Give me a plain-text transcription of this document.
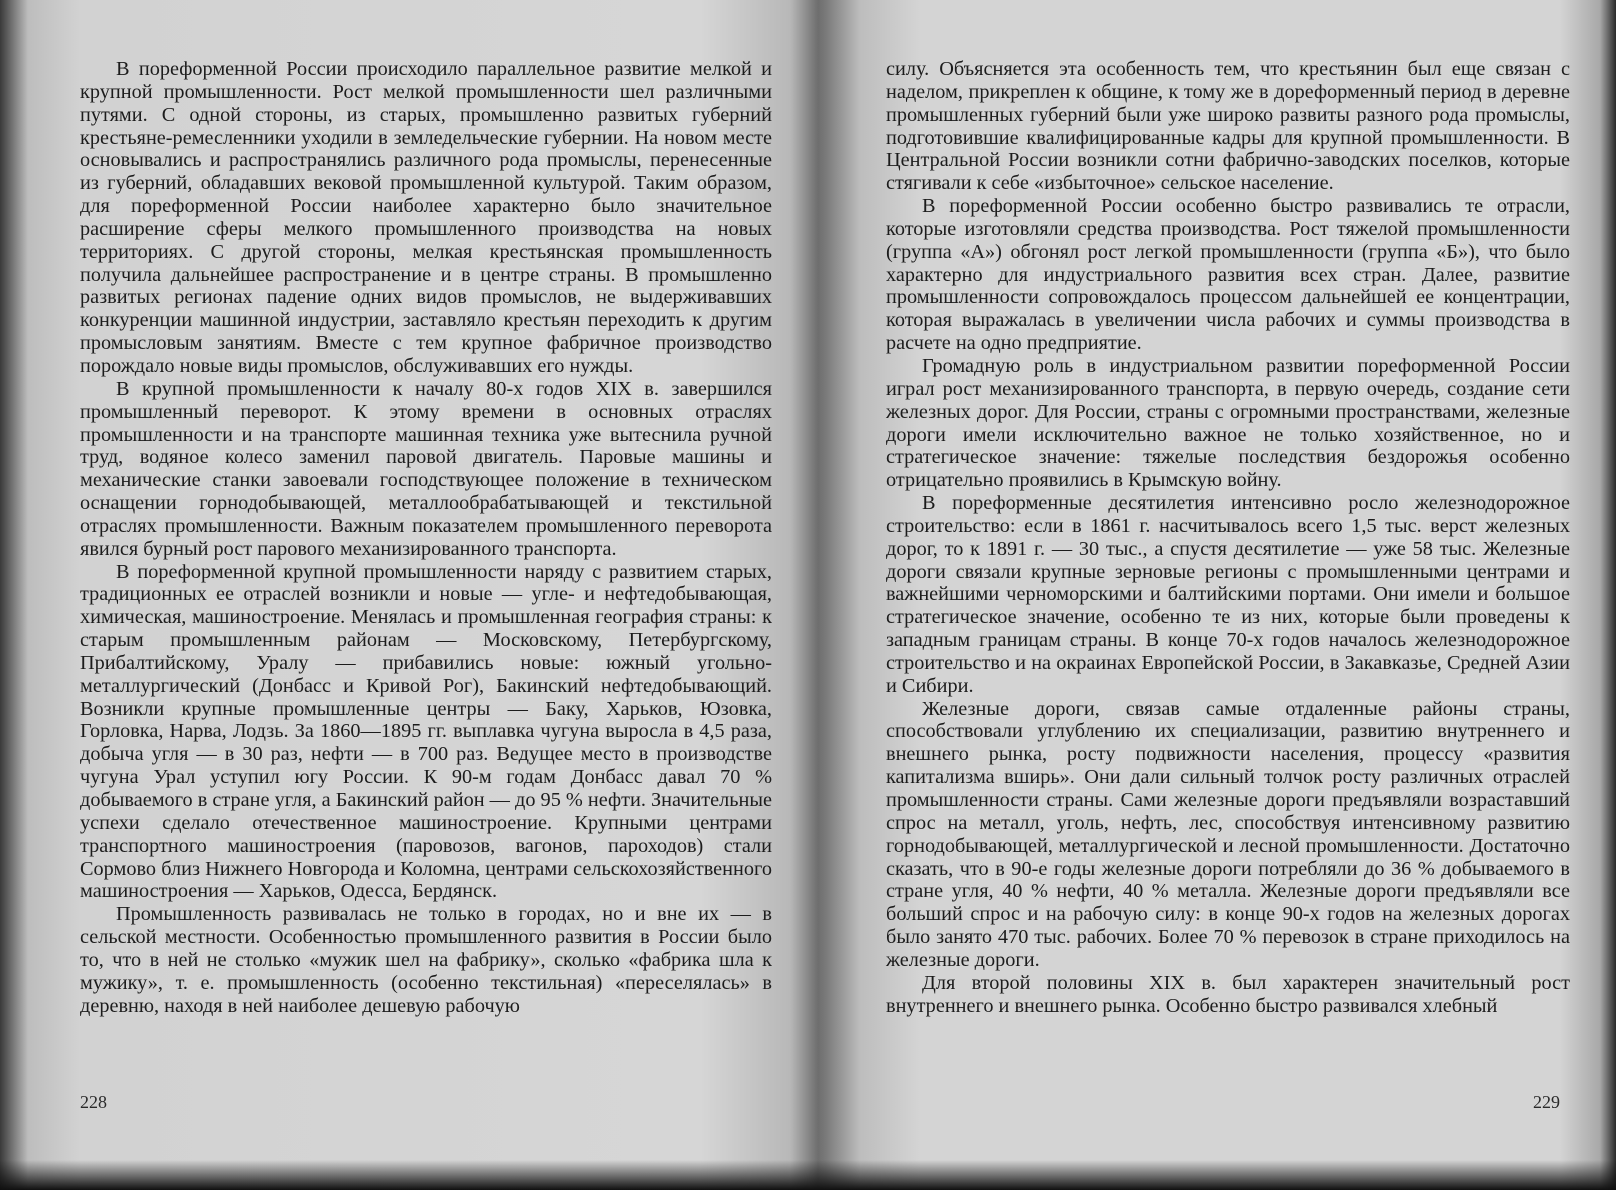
В пореформенной России происходило параллельное развитие мелкой и крупной промышленности. Рост мелкой промышленности шел различными путями. С одной стороны, из старых, промышленно развитых губерний крестьяне-ремесленники уходили в земледельческие губернии. На новом месте основывались и распространялись различного рода промыслы, перенесенные из губерний, обладавших вековой промышленной культурой. Таким образом, для пореформенной России наиболее характерно было значительное расширение сферы мелкого промышленного производства на новых территориях. С другой стороны, мелкая крестьянская промышленность получила дальнейшее распространение и в центре страны. В промышленно развитых регионах падение одних видов промыслов, не выдерживавших конкуренции машинной индустрии, заставляло крестьян переходить к другим промысловым занятиям. Вместе с тем крупное фабричное производство порождало новые виды промыслов, обслуживавших его нужды.

В крупной промышленности к началу 80-х годов XIX в. завершился промышленный переворот. К этому времени в основных отраслях промышленности и на транспорте машинная техника уже вытеснила ручной труд, водяное колесо заменил паровой двигатель. Паровые машины и механические станки завоевали господствующее положение в техническом оснащении горнодобывающей, металлообрабатывающей и текстильной отраслях промышленности. Важным показателем промышленного переворота явился бурный рост парового механизированного транспорта.

В пореформенной крупной промышленности наряду с развитием старых, традиционных ее отраслей возникли и новые — угле- и нефтедобывающая, химическая, машиностроение. Менялась и промышленная география страны: к старым промышленным районам — Московскому, Петербургскому, Прибалтийскому, Уралу — прибавились новые: южный угольно-металлургический (Донбасс и Кривой Рог), Бакинский нефтедобывающий. Возникли крупные промышленные центры — Баку, Харьков, Юзовка, Горловка, Нарва, Лодзь. За 1860—1895 гг. выплавка чугуна выросла в 4,5 раза, добыча угля — в 30 раз, нефти — в 700 раз. Ведущее место в производстве чугуна Урал уступил югу России. К 90-м годам Донбасс давал 70 % добываемого в стране угля, а Бакинский район — до 95 % нефти. Значительные успехи сделало отечественное машиностроение. Крупными центрами транспортного машиностроения (паровозов, вагонов, пароходов) стали Сормово близ Нижнего Новгорода и Коломна, центрами сельскохозяйственного машиностроения — Харьков, Одесса, Бердянск.

Промышленность развивалась не только в городах, но и вне их — в сельской местности. Особенностью промышленного развития в России было то, что в ней не столько «мужик шел на фабрику», сколько «фабрика шла к мужику», т. е. промышленность (особенно текстильная) «переселялась» в деревню, находя в ней наиболее дешевую рабочую

228

силу. Объясняется эта особенность тем, что крестьянин был еще связан с наделом, прикреплен к общине, к тому же в дореформенный период в деревне промышленных губерний были уже широко развиты разного рода промыслы, подготовившие квалифицированные кадры для крупной промышленности. В Центральной России возникли сотни фабрично-заводских поселков, которые стягивали к себе «избыточное» сельское население.

В пореформенной России особенно быстро развивались те отрасли, которые изготовляли средства производства. Рост тяжелой промышленности (группа «А») обгонял рост легкой промышленности (группа «Б»), что было характерно для индустриального развития всех стран. Далее, развитие промышленности сопровождалось процессом дальнейшей ее концентрации, которая выражалась в увеличении числа рабочих и суммы производства в расчете на одно предприятие.

Громадную роль в индустриальном развитии пореформенной России играл рост механизированного транспорта, в первую очередь, создание сети железных дорог. Для России, страны с огромными пространствами, железные дороги имели исключительно важное не только хозяйственное, но и стратегическое значение: тяжелые последствия бездорожья особенно отрицательно проявились в Крымскую войну.

В пореформенные десятилетия интенсивно росло железнодорожное строительство: если в 1861 г. насчитывалось всего 1,5 тыс. верст железных дорог, то к 1891 г. — 30 тыс., а спустя десятилетие — уже 58 тыс. Железные дороги связали крупные зерновые регионы с промышленными центрами и важнейшими черноморскими и балтийскими портами. Они имели и большое стратегическое значение, особенно те из них, которые были проведены к западным границам страны. В конце 70-х годов началось железнодорожное строительство и на окраинах Европейской России, в Закавказье, Средней Азии и Сибири.

Железные дороги, связав самые отдаленные районы страны, способствовали углублению их специализации, развитию внутреннего и внешнего рынка, росту подвижности населения, процессу «развития капитализма вширь». Они дали сильный толчок росту различных отраслей промышленности страны. Сами железные дороги предъявляли возраставший спрос на металл, уголь, нефть, лес, способствуя интенсивному развитию горнодобывающей, металлургической и лесной промышленности. Достаточно сказать, что в 90-е годы железные дороги потребляли до 36 % добываемого в стране угля, 40 % нефти, 40 % металла. Железные дороги предъявляли все больший спрос и на рабочую силу: в конце 90-х годов на железных дорогах было занято 470 тыс. рабочих. Более 70 % перевозок в стране приходилось на железные дороги.

Для второй половины XIX в. был характерен значительный рост внутреннего и внешнего рынка. Особенно быстро развивался хлебный

229
